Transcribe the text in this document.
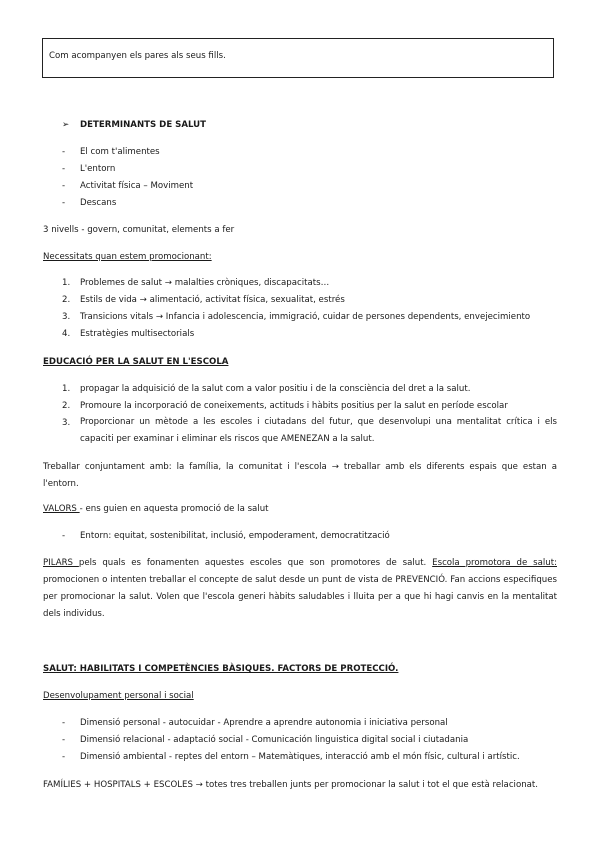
Com acompanyen els pares als seus fills.
➢ DETERMINANTS DE SALUT
- El com t'alimentes
- L'entorn
- Activitat física – Moviment
- Descans
3 nivells - govern, comunitat, elements a fer
Necessitats quan estem promocionant:
1. Problemes de salut → malalties cròniques, discapacitats…
2. Estils de vida → alimentació, activitat física, sexualitat, estrés
3. Transicions vitals → Infancia i adolescencia, immigració, cuidar de persones dependents, envejecimiento
4. Estratègies multisectorials
EDUCACIÓ PER LA SALUT EN L'ESCOLA
1. propagar la adquisició de la salut com a valor positiu i de la consciència del dret a la salut.
2. Promoure la incorporació de coneixements, actituds i hàbits positius per la salut en període escolar
3. Proporcionar un mètode a les escoles i ciutadans del futur, que desenvolupi una mentalitat crítica i els capaciti per examinar i eliminar els riscos que AMENEZAN a la salut.
Treballar conjuntament amb: la família, la comunitat i l'escola → treballar amb els diferents espais que estan a l'entorn.
VALORS - ens guien en aquesta promoció de la salut
- Entorn: equitat, sostenibilitat, inclusió, empoderament, democratització
PILARS pels quals es fonamenten aquestes escoles que son promotores de salut. Escola promotora de salut: promocionen o intenten treballar el concepte de salut desde un punt de vista de PREVENCIÓ. Fan accions especifiques per promocionar la salut. Volen que l'escola generi hàbits saludables i lluita per a que hi hagi canvis en la mentalitat dels individus.
SALUT: HABILITATS I COMPETÈNCIES BÀSIQUES. FACTORS DE PROTECCIÓ.
Desenvolupament personal i social
- Dimensió personal - autocuidar - Aprendre a aprendre autonomia i iniciativa personal
- Dimensió relacional - adaptació social - Comunicación linguistica digital social i ciutadania
- Dimensió ambiental - reptes del entorn – Matemàtiques, interacció amb el món físic, cultural i artístic.
FAMÍLIES + HOSPITALS + ESCOLES → totes tres treballen junts per promocionar la salut i tot el que està relacionat.
